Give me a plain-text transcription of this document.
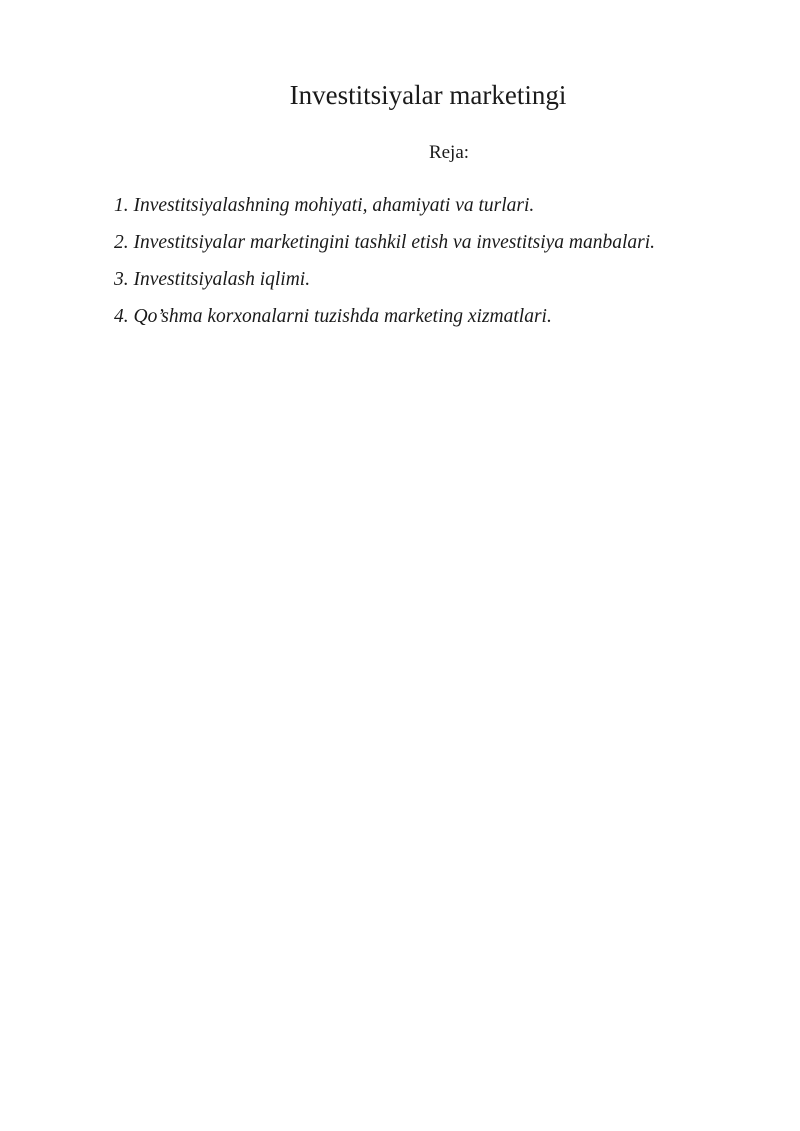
Investitsiyalar marketingi
Reja:
1. Investitsiyalashning mohiyati, ahamiyati va turlari.
2. Investitsiyalar marketingini tashkil etish va investitsiya manbalari.
3. Investitsiyalash iqlimi.
4. Qo’shma korxonalarni tuzishda marketing xizmatlari.
